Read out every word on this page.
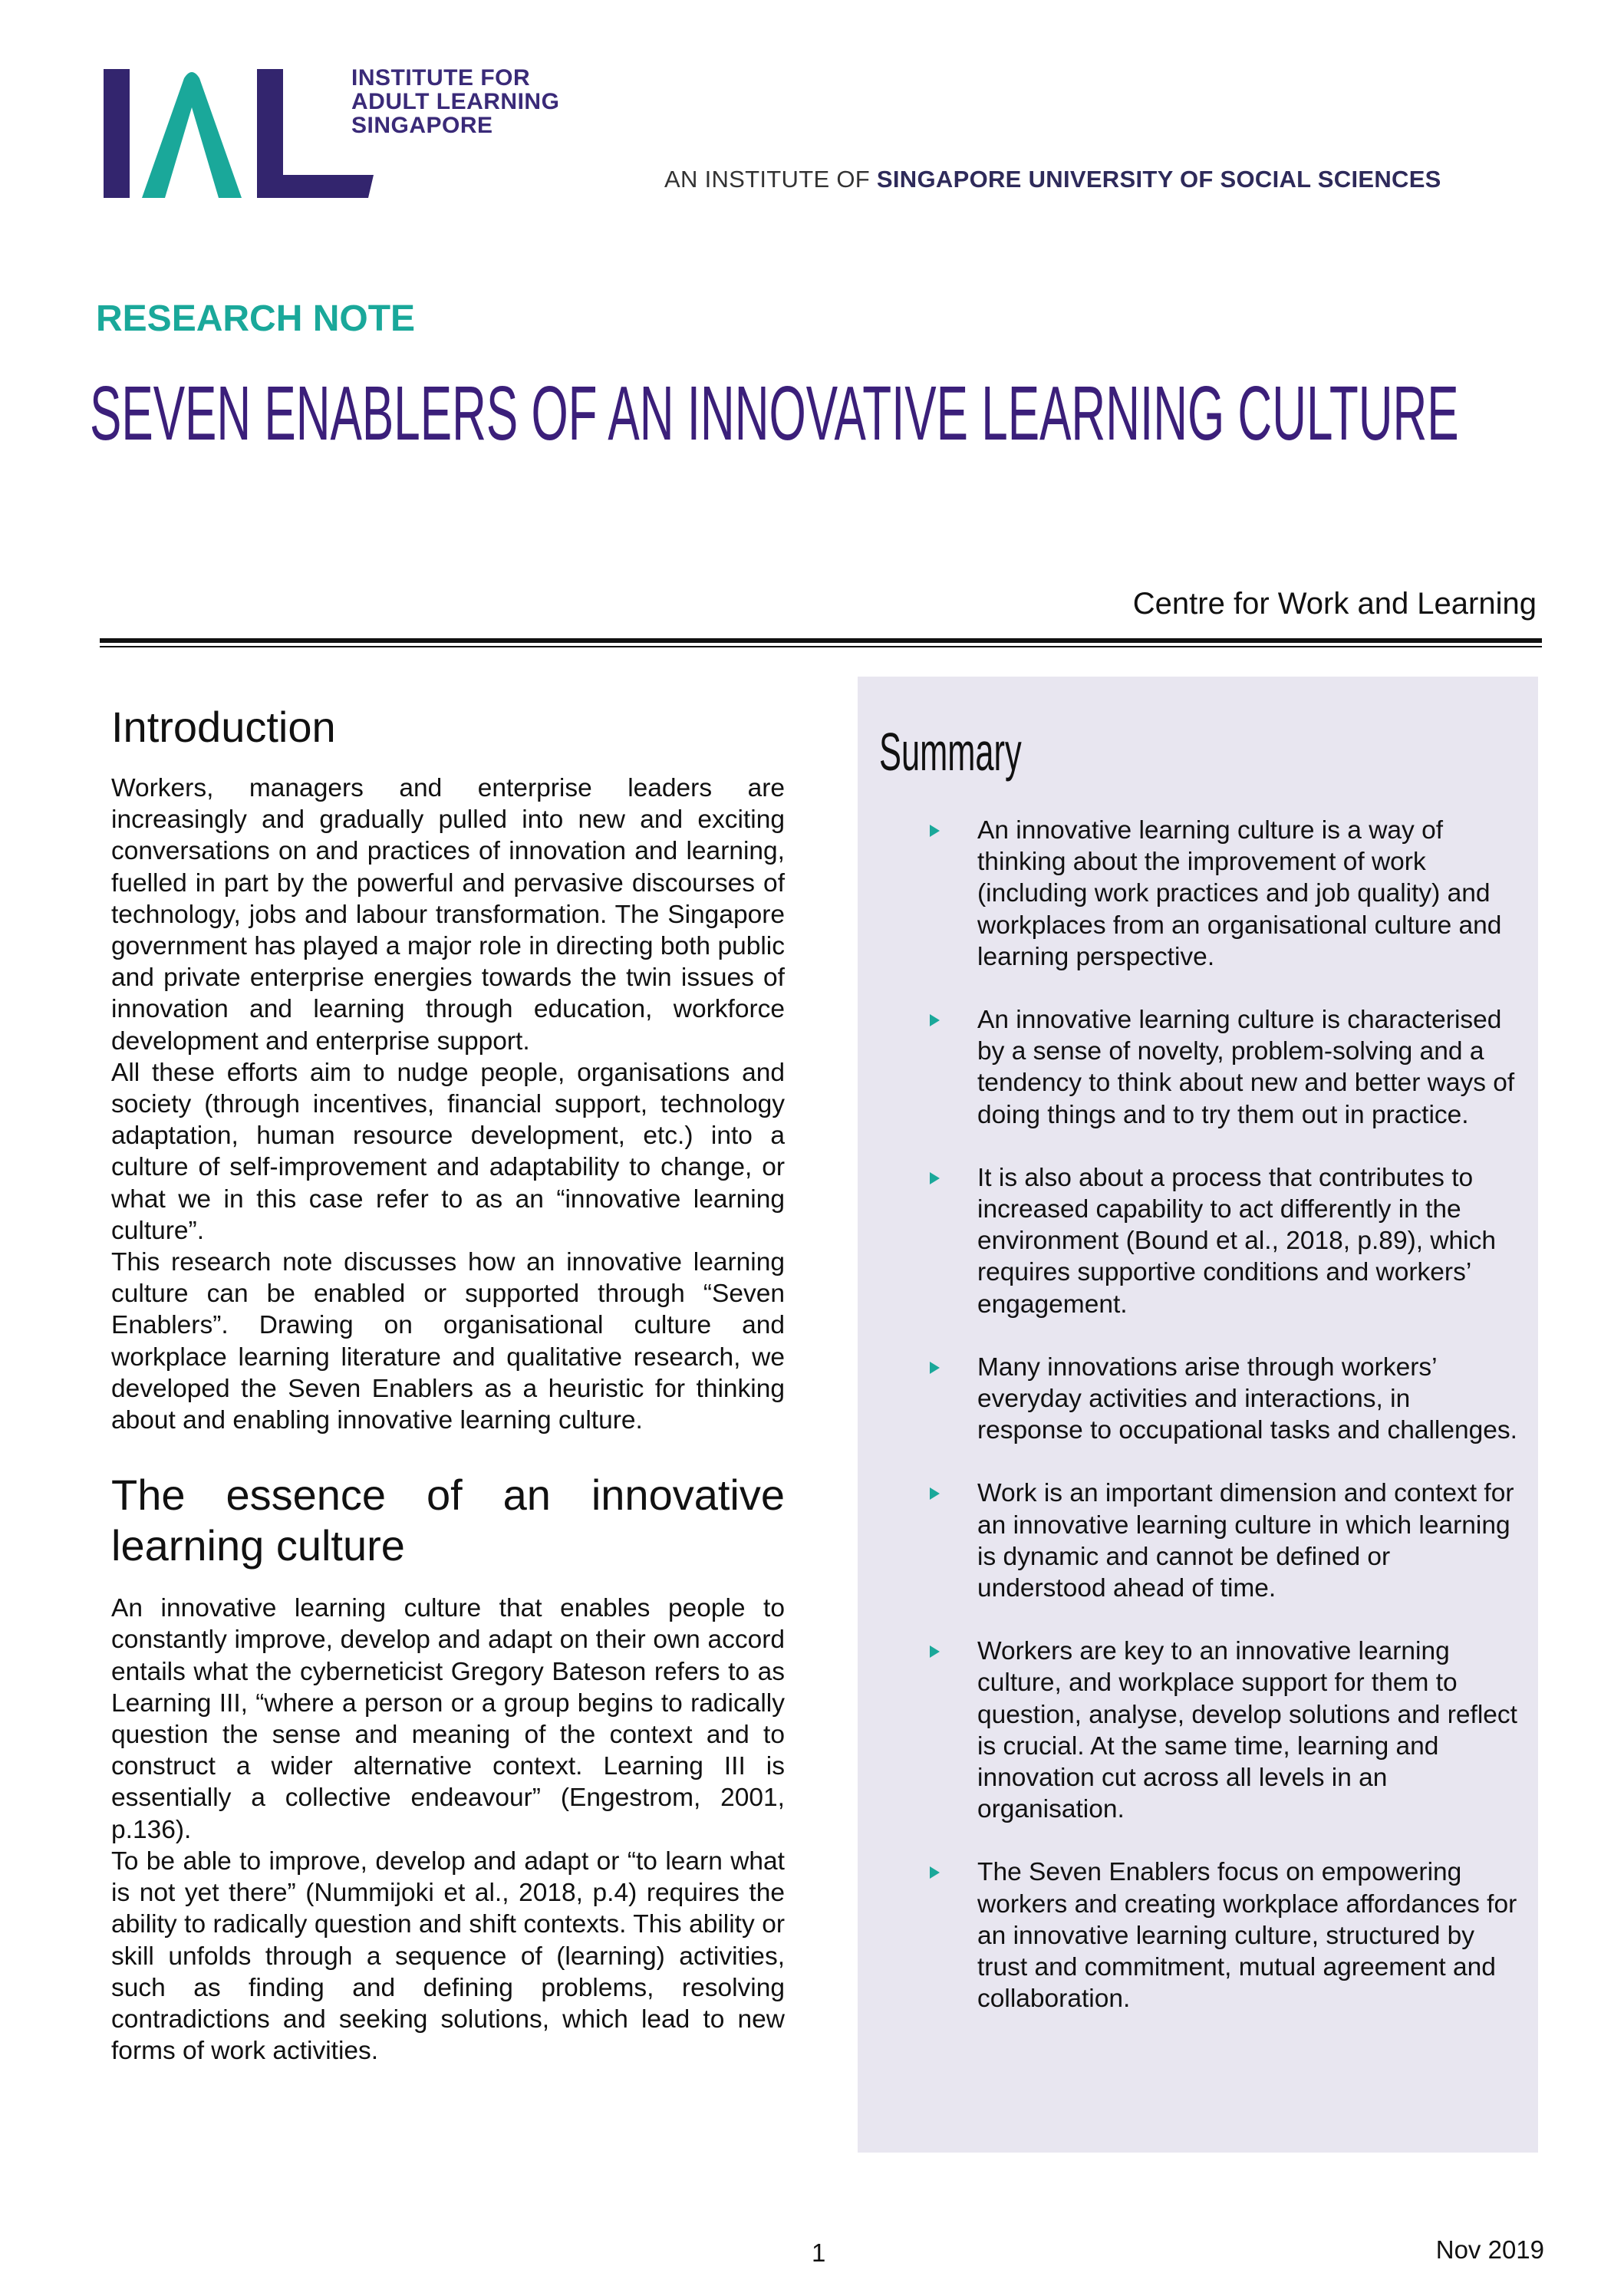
INSTITUTE FOR
ADULT LEARNING
SINGAPORE
AN INSTITUTE OF SINGAPORE UNIVERSITY OF SOCIAL SCIENCES
RESEARCH NOTE
SEVEN ENABLERS OF AN INNOVATIVE LEARNING CULTURE
Centre for Work and Learning
Introduction

Workers, managers and enterprise leaders are increasingly and gradually pulled into new and exciting conversations on and practices of innovation and learning, fuelled in part by the powerful and pervasive discourses of technology, jobs and labour transformation. The Singapore government has played a major role in directing both public and private enterprise energies towards the twin issues of innovation and learning through education, workforce development and enterprise support.

All these efforts aim to nudge people, organisations and society (through incentives, financial support, technology adaptation, human resource development, etc.) into a culture of self-improvement and adaptability to change, or what we in this case refer to as an “innovative learning culture”.

This research note discusses how an innovative learning culture can be enabled or supported through “Seven Enablers”. Drawing on organisational culture and workplace learning literature and qualitative research, we developed the Seven Enablers as a heuristic for thinking about and enabling innovative learning culture.

The essence of an innovative learning culture

An innovative learning culture that enables people to constantly improve, develop and adapt on their own accord entails what the cyberneticist Gregory Bateson refers to as Learning III, “where a person or a group begins to radically question the sense and meaning of the context and to construct a wider alternative context. Learning III is essentially a collective endeavour” (Engestrom, 2001, p.136).

To be able to improve, develop and adapt or “to learn what is not yet there” (Nummijoki et al., 2018, p.4) requires the ability to radically question and shift contexts. This ability or skill unfolds through a sequence of (learning) activities, such as finding and defining problems, resolving contradictions and seeking solutions, which lead to new forms of work activities.

Summary
An innovative learning culture is a way of thinking about the improvement of work (including work practices and job quality) and workplaces from an organisational culture and learning perspective.
An innovative learning culture is characterised by a sense of novelty, problem-solving and a tendency to think about new and better ways of doing things and to try them out in practice.
It is also about a process that contributes to increased capability to act differently in the environment (Bound et al., 2018, p.89), which requires supportive conditions and workers’ engagement.
Many innovations arise through workers’ everyday activities and interactions, in response to occupational tasks and challenges.
Work is an important dimension and context for an innovative learning culture in which learning is dynamic and cannot be defined or understood ahead of time.
Workers are key to an innovative learning culture, and workplace support for them to question, analyse, develop solutions and reflect is crucial. At the same time, learning and innovation cut across all levels in an organisation.
The Seven Enablers focus on empowering workers and creating workplace affordances for an innovative learning culture, structured by trust and commitment, mutual agreement and collaboration.
1	Nov 2019
